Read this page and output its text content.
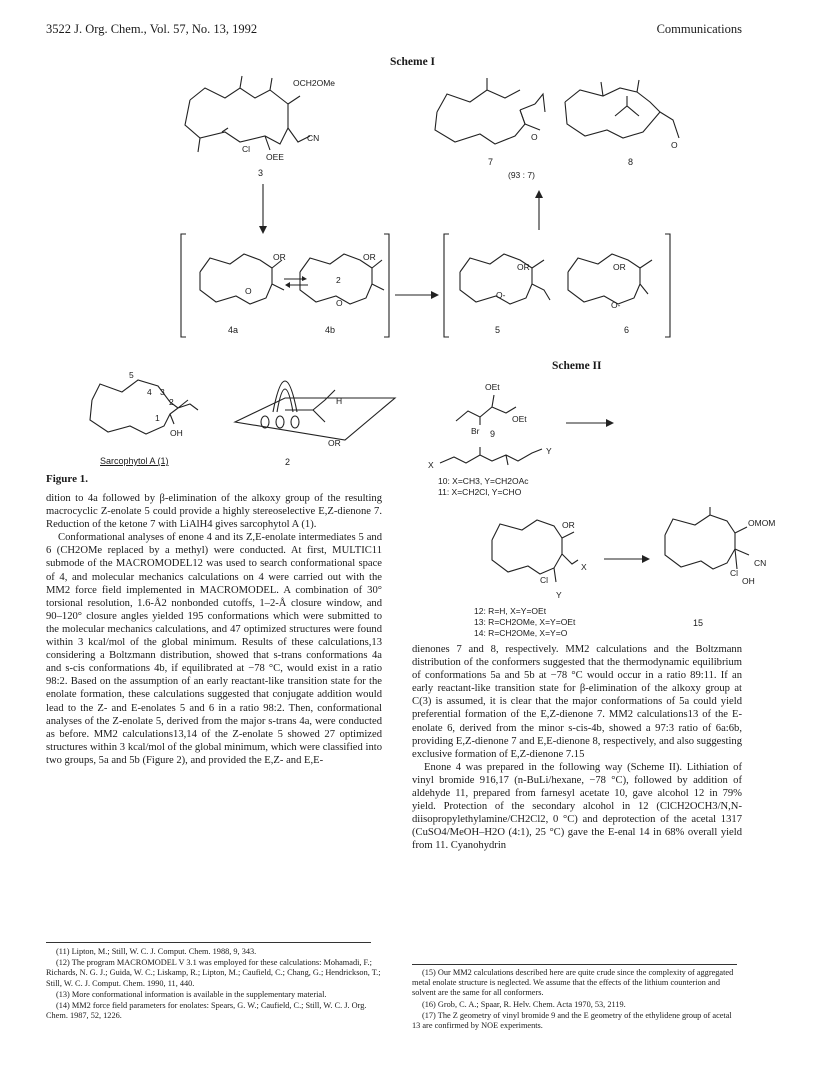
3522 J. Org. Chem., Vol. 57, No. 13, 1992	Communications
Scheme I
OCH2OMe
CN
Cl
OEE
3
O
7
O
8
(93 : 7)
OR
O
4a
OR
2
O
4b
OR
O-
5
OR
O-
6
5
4 3
2
1
OH
Sarcophytol A (1)
H
OR
2
Figure 1.
Scheme II
OEt
OEt
Br 9
X
Y
10: X=CH3, Y=CH2OAc
11: X=CH2Cl, Y=CHO
OR
X
Cl
Y
12: R=H, X=Y=OEt
13: R=CH2OMe, X=Y=OEt
14: R=CH2OMe, X=Y=O
OMOM
CN
Cl
OH
15

dition to 4a followed by β-elimination of the alkoxy group of the resulting macrocyclic Z-enolate 5 could provide a highly stereoselective E,Z-dienone 7. Reduction of the ketone 7 with LiAlH4 gives sarcophytol A (1).

Conformational analyses of enone 4 and its Z,E-enolate intermediates 5 and 6 (CH2OMe replaced by a methyl) were conducted. At first, MULTIC11 submode of the MACROMODEL12 was used to search conformational space of 4, and molecular mechanics calculations on 4 were carried out with the MM2 force field implemented in MACROMODEL. A combination of 30° torsional resolution, 1.6-Å2 nonbonded cutoffs, 1–2-Å closure window, and 90–120° closure angles yielded 195 conformations which were submitted to the molecular mechanics calculations, and 47 optimized structures were found within 3 kcal/mol of the global minimum. Results of these calculations,13 considering a Boltzmann distribution, showed that s-trans conformations 4a and s-cis conformations 4b, if equilibrated at −78 °C, would exist in a ratio 98:2. Based on the assumption of an early reactant-like transition state for the enolate formation, these calculations suggested that conjugate addition would lead to the Z- and E-enolates 5 and 6 in a ratio 98:2. Then, conformational analyses of the Z-enolate 5, derived from the major s-trans 4a, were conducted as before. MM2 calculations13,14 of the Z-enolate 5 showed 27 optimized structures within 3 kcal/mol of the global minimum, which were classified into two groups, 5a and 5b (Figure 2), and provided the E,Z- and E,E-

dienones 7 and 8, respectively. MM2 calculations and the Boltzmann distribution of the conformers suggested that the thermodynamic equilibrium of conformations 5a and 5b at −78 °C would occur in a ratio 89:11. If an early reactant-like transition state for β-elimination of the alkoxy group at C(3) is assumed, it is clear that the major conformations of 5a could yield preferential formation of the E,Z-dienone 7. MM2 calculations13 of the E-enolate 6, derived from the minor s-cis-4b, showed a 97:3 ratio of 6a:6b, providing E,Z-dienone 7 and E,E-dienone 8, respectively, and also suggesting exclusive formation of E,Z-dienone 7.15

Enone 4 was prepared in the following way (Scheme II). Lithiation of vinyl bromide 916,17 (n-BuLi/hexane, −78 °C), followed by addition of aldehyde 11, prepared from farnesyl acetate 10, gave alcohol 12 in 79% yield. Protection of the secondary alcohol in 12 (ClCH2OCH3/N,N-diisopropylethylamine/CH2Cl2, 0 °C) and deprotection of the acetal 1317 (CuSO4/MeOH–H2O (4:1), 25 °C) gave the E-enal 14 in 68% overall yield from 11. Cyanohydrin

(11) Lipton, M.; Still, W. C. J. Comput. Chem. 1988, 9, 343.

(12) The program MACROMODEL V 3.1 was employed for these calculations: Mohamadi, F.; Richards, N. G. J.; Guida, W. C.; Liskamp, R.; Lipton, M.; Caufield, C.; Chang, G.; Hendrickson, T.; Still, W. C. J. Comput. Chem. 1990, 11, 440.

(13) More conformational information is available in the supplementary material.

(14) MM2 force field parameters for enolates: Spears, G. W.; Caufield, C.; Still, W. C. J. Org. Chem. 1987, 52, 1226.

(15) Our MM2 calculations described here are quite crude since the complexity of aggregated metal enolate structure is neglected. We assume that the effects of the lithium counterion and solvent are the same for all conformers.

(16) Grob, C. A.; Spaar, R. Helv. Chem. Acta 1970, 53, 2119.

(17) The Z geometry of vinyl bromide 9 and the E geometry of the ethylidene group of acetal 13 are confirmed by NOE experiments.
